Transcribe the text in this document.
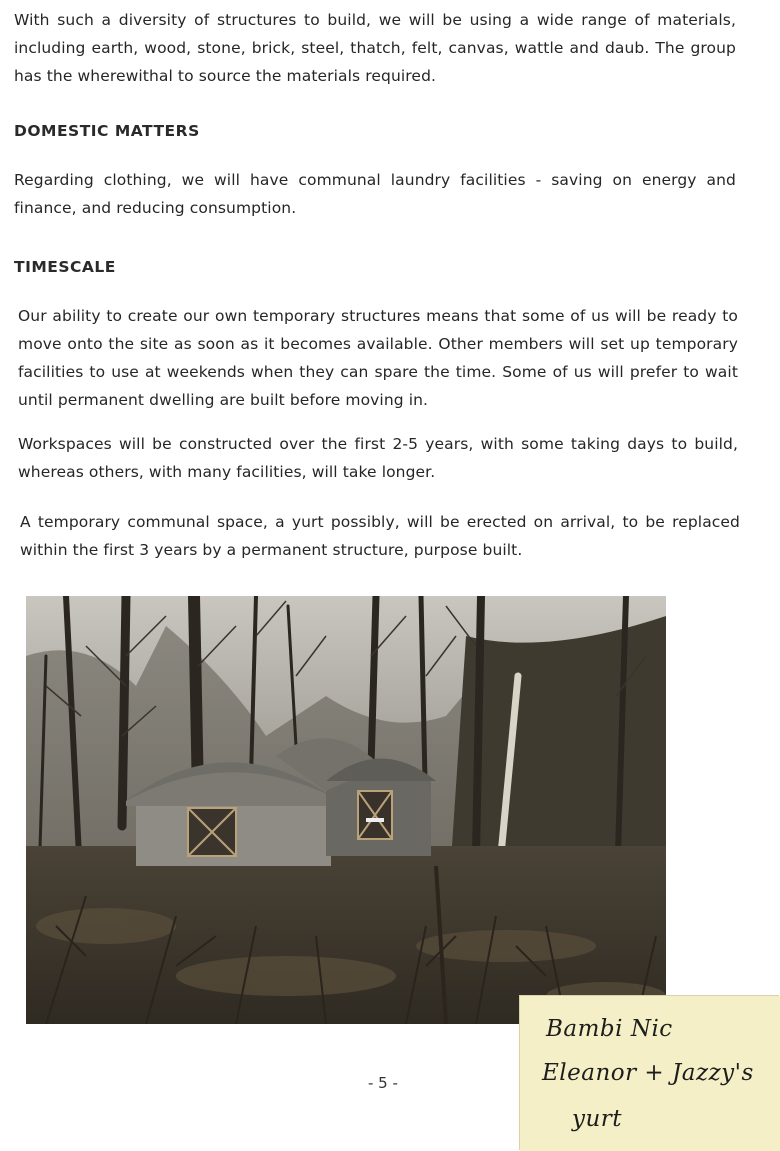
With such a diversity of structures to build, we will be using a wide range of materials, including earth, wood, stone, brick, steel, thatch, felt, canvas, wattle and daub. The group has the wherewithal to source the materials required.

DOMESTIC MATTERS

Regarding clothing, we will have communal laundry facilities - saving on energy and finance, and reducing consumption.

TIMESCALE

Our ability to create our own temporary structures means that some of us will be ready to move onto the site as soon as it becomes available. Other members will set up temporary facilities to use at weekends when they can spare the time. Some of us will prefer to wait until permanent dwelling are built before moving in.

Workspaces will be constructed over the first 2-5 years, with some taking days to build, whereas others, with many facilities, will take longer.

A temporary communal space, a yurt possibly, will be erected on arrival, to be replaced within the first 3 years by a permanent structure, purpose built.

- 5 -
Bambi Nic
Eleanor + Jazzy's
yurt
